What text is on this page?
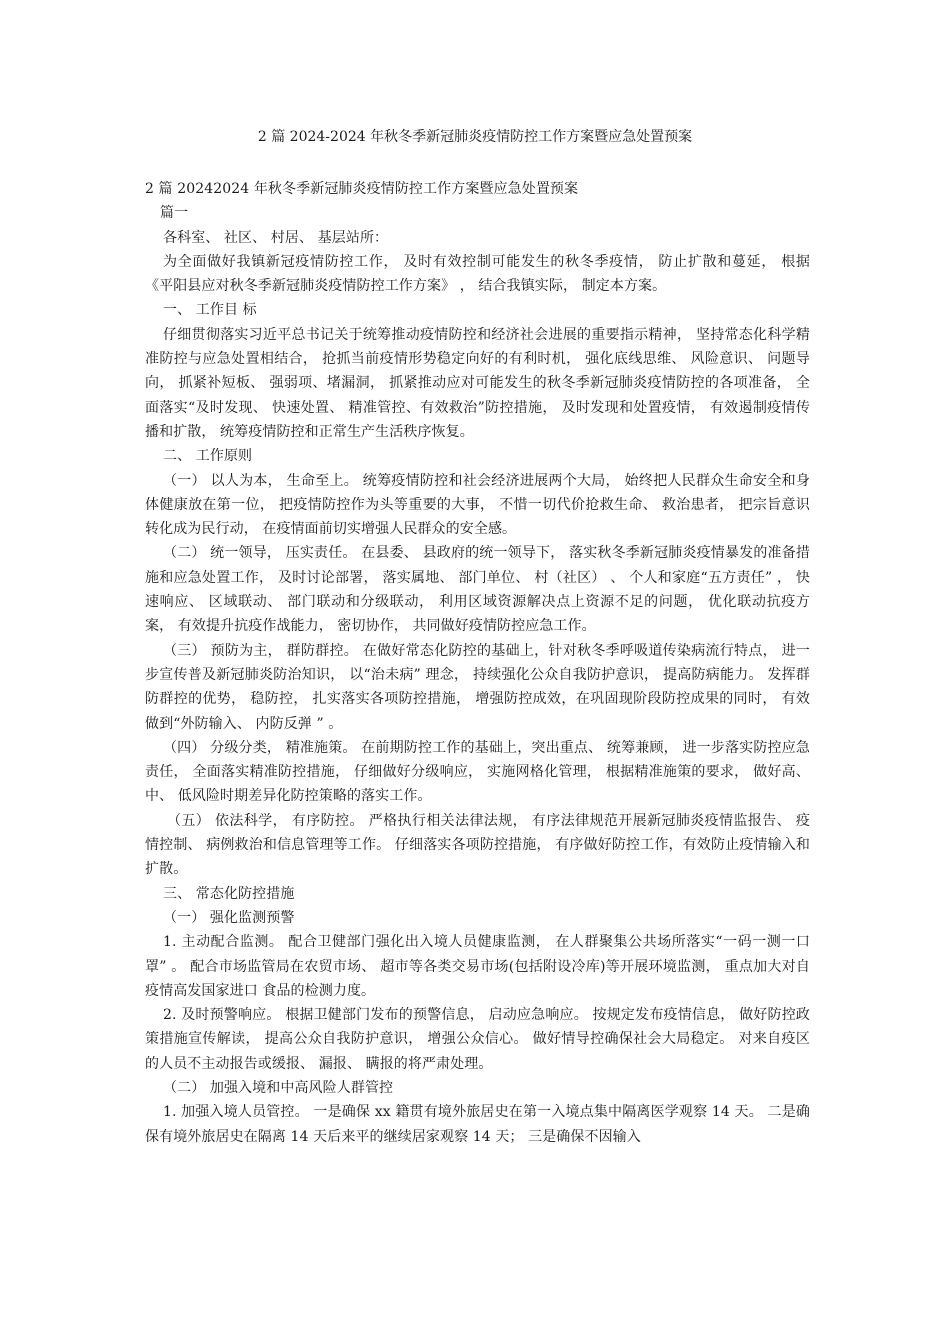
2 篇 2024-2024 年秋冬季新冠肺炎疫情防控工作方案暨应急处置预案

2 篇 20242024 年秋冬季新冠肺炎疫情防控工作方案暨应急处置预案

篇一

各科室、 社区、 村居、 基层站所：

为全面做好我镇新冠疫情防控工作， 及时有效控制可能发生的秋冬季疫情， 防止扩散和蔓延， 根据《平阳县应对秋冬季新冠肺炎疫情防控工作方案》 ， 结合我镇实际， 制定本方案。

一、 工作目 标

仔细贯彻落实习近平总书记关于统筹推动疫情防控和经济社会进展的重要指示精神， 坚持常态化科学精准防控与应急处置相结合， 抢抓当前疫情形势稳定向好的有利时机， 强化底线思维、 风险意识、 问题导向， 抓紧补短板、 强弱项、堵漏洞， 抓紧推动应对可能发生的秋冬季新冠肺炎疫情防控的各项准备， 全面落实“及时发现、 快速处置、 精准管控、有效救治”防控措施， 及时发现和处置疫情， 有效遏制疫情传播和扩散， 统筹疫情防控和正常生产生活秩序恢复。

二、 工作原则

（一） 以人为本， 生命至上。 统筹疫情防控和社会经济进展两个大局， 始终把人民群众生命安全和身体健康放在第一位， 把疫情防控作为头等重要的大事， 不惜一切代价抢救生命、 救治患者， 把宗旨意识转化成为民行动， 在疫情面前切实增强人民群众的安全感。

（二） 统一领导， 压实责任。 在县委、 县政府的统一领导下， 落实秋冬季新冠肺炎疫情暴发的准备措施和应急处置工作， 及时讨论部署， 落实属地、 部门单位、 村（社区） 、 个人和家庭“五方责任” ， 快速响应、 区域联动、 部门联动和分级联动， 利用区域资源解决点上资源不足的问题， 优化联动抗疫方案， 有效提升抗疫作战能力， 密切协作， 共同做好疫情防控应急工作。

（三） 预防为主， 群防群控。 在做好常态化防控的基础上，针对秋冬季呼吸道传染病流行特点， 进一步宣传普及新冠肺炎防治知识， 以“治未病” 理念， 持续强化公众自我防护意识， 提高防病能力。 发挥群防群控的优势， 稳防控， 扎实落实各项防控措施， 增强防控成效，在巩固现阶段防控成果的同时， 有效做到“外防输入、 内防反弹 ” 。

（四） 分级分类， 精准施策。 在前期防控工作的基础上，突出重点、 统筹兼顾， 进一步落实防控应急责任， 全面落实精准防控措施， 仔细做好分级响应， 实施网格化管理， 根据精准施策的要求， 做好高、 中、 低风险时期差异化防控策略的落实工作。

（五） 依法科学， 有序防控。 严格执行相关法律法规， 有序法律规范开展新冠肺炎疫情监报告、 疫情控制、 病例救治和信息管理等工作。 仔细落实各项防控措施， 有序做好防控工作，有效防止疫情输入和扩散。

三、 常态化防控措施

（一） 强化监测预警

1. 主动配合监测。 配合卫健部门强化出入境人员健康监测， 在人群聚集公共场所落实“一码一测一口 罩” 。 配合市场监管局在农贸市场、 超市等各类交易市场(包括附设冷库)等开展环境监测， 重点加大对自疫情高发国家进口 食品的检测力度。

2. 及时预警响应。 根据卫健部门发布的预警信息， 启动应急响应。 按规定发布疫情信息， 做好防控政策措施宣传解读， 提高公众自我防护意识， 增强公众信心。 做好情导控确保社会大局稳定。 对来自疫区的人员不主动报告或缓报、 漏报、 瞒报的将严肃处理。

（二） 加强入境和中高风险人群管控

1. 加强入境人员管控。 一是确保 xx 籍贯有境外旅居史在第一入境点集中隔离医学观察 14 天。 二是确保有境外旅居史在隔离 14 天后来平的继续居家观察 14 天； 三是确保不因输入
